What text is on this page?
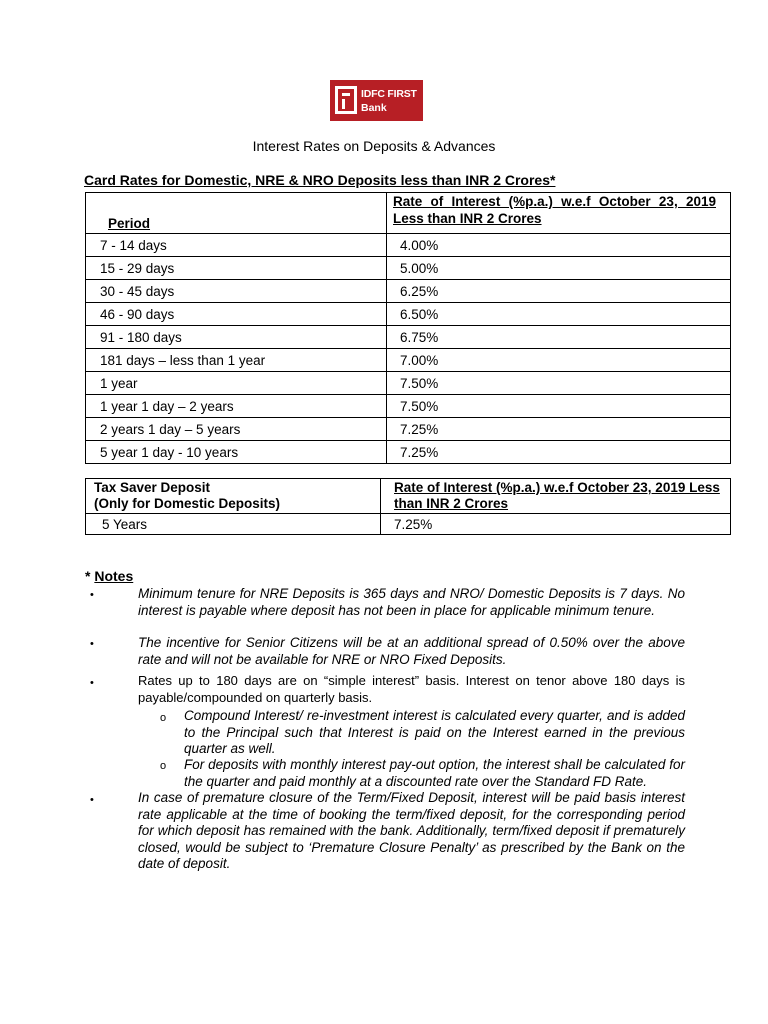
IDFC FIRST
Bank
Interest Rates on Deposits & Advances
Card Rates for Domestic, NRE & NRO Deposits less than INR 2 Crores*
Period	Rate of Interest (%p.a.) w.e.f October 23, 2019 Less than INR 2 Crores

7 - 14 days	4.00%
15 - 29 days	5.00%
30 - 45 days	6.25%
46 - 90 days	6.50%
91 - 180 days	6.75%
181 days – less than 1 year	7.00%
1 year	7.50%
1 year 1 day – 2 years	7.50%
2 years 1 day – 5 years	7.25%
5 year 1 day - 10 years	7.25%
Tax Saver Deposit
(Only for Domestic Deposits)	Rate of Interest (%p.a.) w.e.f October 23, 2019 Less than INR 2 Crores

5 Years	7.25%
* Notes
•	Minimum tenure for NRE Deposits is 365 days and NRO/ Domestic Deposits is 7 days. No interest is payable where deposit has not been in place for applicable minimum tenure.
•	The incentive for Senior Citizens will be at an additional spread of 0.50% over the above rate and will not be available for NRE or NRO Fixed Deposits.
•	Rates up to 180 days are on “simple interest” basis. Interest on tenor above 180 days is payable/compounded on quarterly basis.
o Compound Interest/ re-investment interest is calculated every quarter, and is added to the Principal such that Interest is paid on the Interest earned in the previous quarter as well.
o For deposits with monthly interest pay-out option, the interest shall be calculated for the quarter and paid monthly at a discounted rate over the Standard FD Rate.
•	In case of premature closure of the Term/Fixed Deposit, interest will be paid basis interest rate applicable at the time of booking the term/fixed deposit, for the corresponding period for which deposit has remained with the bank. Additionally, term/fixed deposit if prematurely closed, would be subject to ‘Premature Closure Penalty’ as prescribed by the Bank on the date of deposit.
